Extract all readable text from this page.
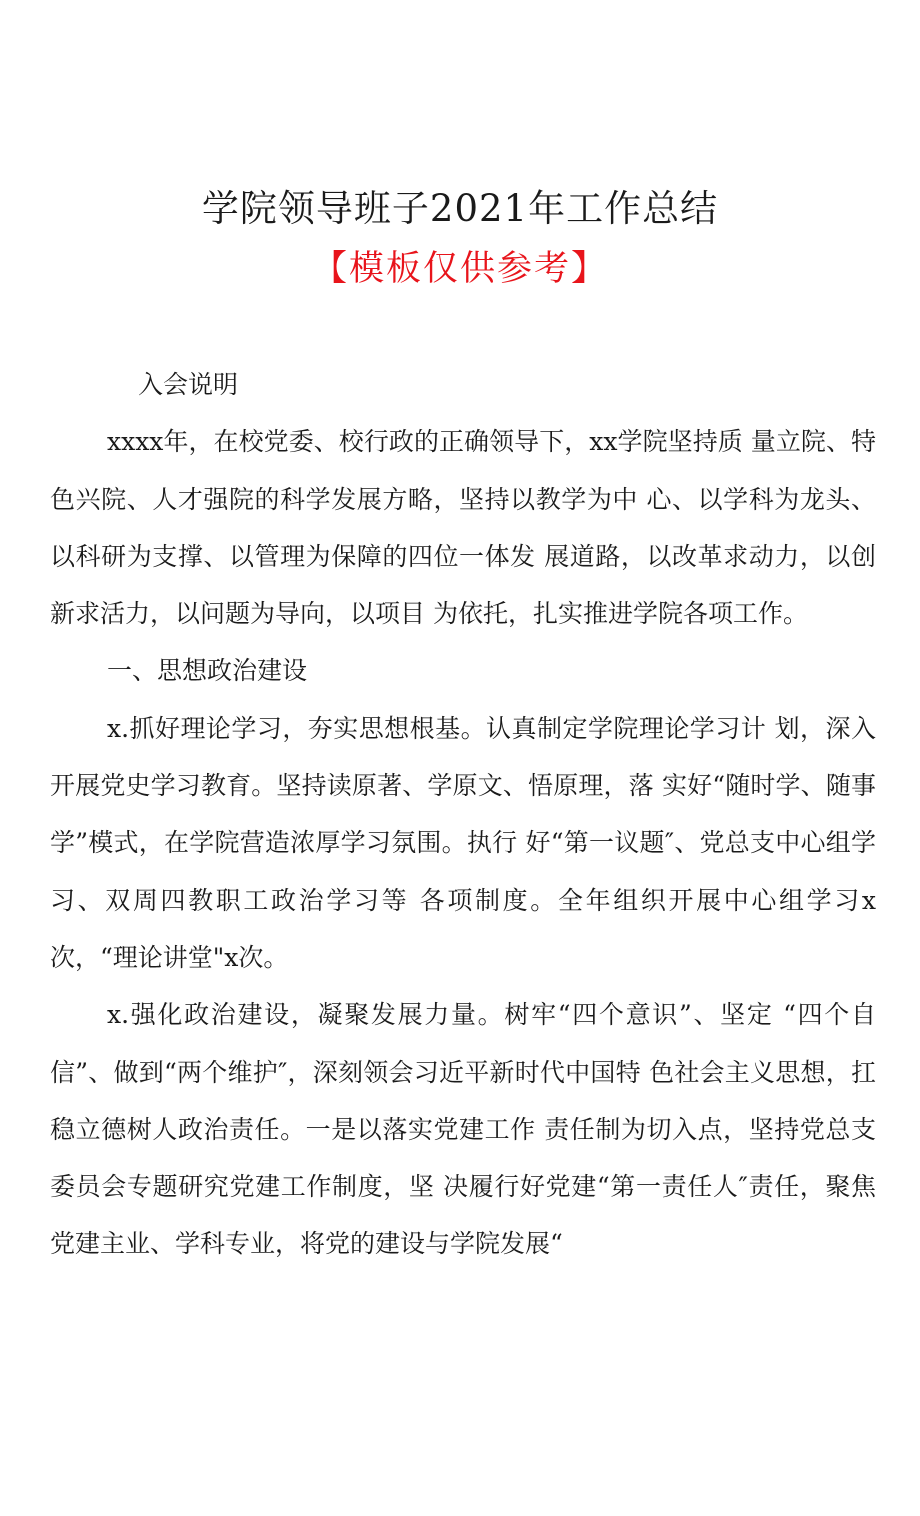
学院领导班子2021年工作总结
【模板仅供参考】

入会说明

xxxx年，在校党委、校行政的正确领导下，xx学院坚持质 量立院、特色兴院、人才强院的科学发展方略，坚持以教学为中 心、以学科为龙头、以科研为支撑、以管理为保障的四位一体发 展道路，以改革求动力，以创新求活力，以问题为导向，以项目 为依托，扎实推进学院各项工作。

一、思想政治建设

x.抓好理论学习，夯实思想根基。认真制定学院理论学习计 划，深入开展党史学习教育。坚持读原著、学原文、悟原理，落 实好“随时学、随事学”模式，在学院营造浓厚学习氛围。执行 好“第一议题″、党总支中心组学习、双周四教职工政治学习等 各项制度。全年组织开展中心组学习x次，“理论讲堂"x次。

x.强化政治建设，凝聚发展力量。树牢“四个意识”、坚定 “四个自信”、做到“两个维护″，深刻领会习近平新时代中国特 色社会主义思想，扛稳立德树人政治责任。一是以落实党建工作 责任制为切入点，坚持党总支委员会专题研究党建工作制度，坚 决履行好党建“第一责任人″责任，聚焦党建主业、学科专业，将党的建设与学院发展“
